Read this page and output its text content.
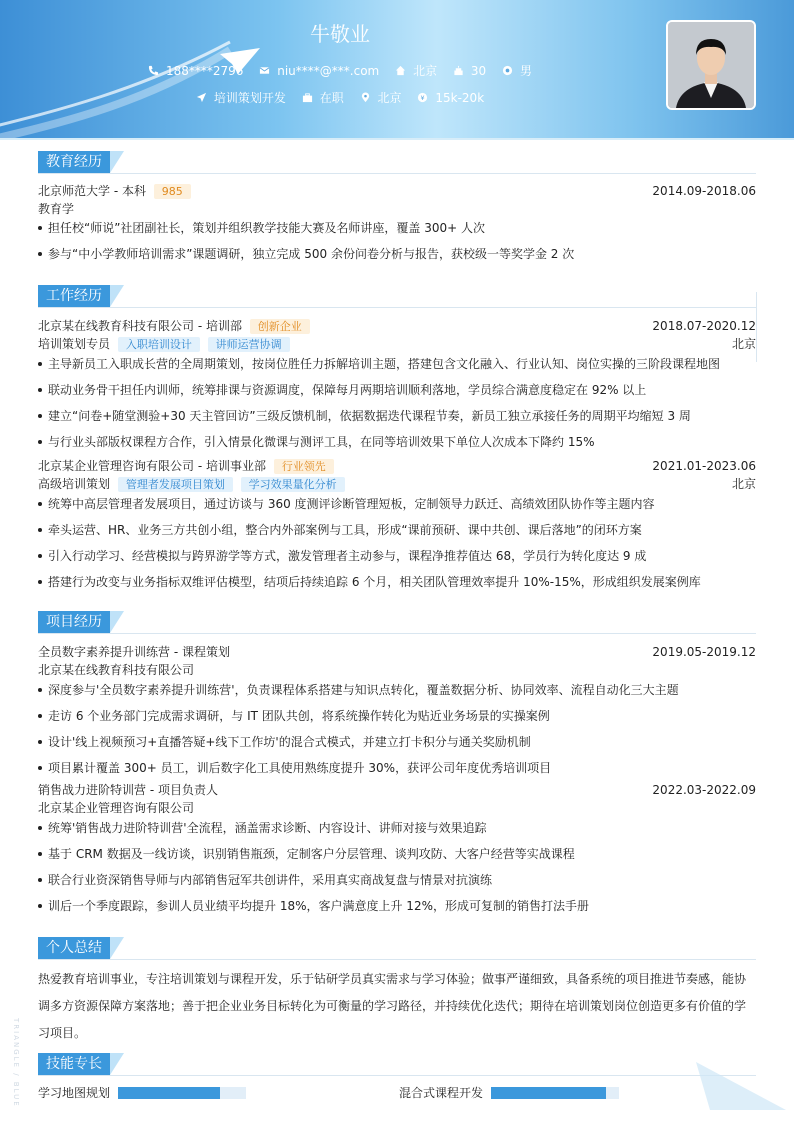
牛敬业
188****2796
	niu****@***.com
	北京
	30
	男
培训策划开发
	在职
	北京
	¥ 15k-20k
教育经历
北京师范大学 - 本科 985	2014.09-2018.06
教育学
担任校“师说”社团副社长，策划并组织教学技能大赛及名师讲座，覆盖 300+ 人次
参与“中小学教师培训需求”课题调研，独立完成 500 余份问卷分析与报告，获校级一等奖学金 2 次
工作经历
北京某在线教育科技有限公司 - 培训部 创新企业	2018.07-2020.12
培训策划专员 入职培训设计 讲师运营协调	北京
主导新员工入职成长营的全周期策划，按岗位胜任力拆解培训主题，搭建包含文化融入、行业认知、岗位实操的三阶段课程地图
联动业务骨干担任内训师，统筹排课与资源调度，保障每月两期培训顺利落地，学员综合满意度稳定在 92% 以上
建立“问卷+随堂测验+30 天主管回访”三级反馈机制，依据数据迭代课程节奏，新员工独立承接任务的周期平均缩短 3 周
与行业头部版权课程方合作，引入情景化微课与测评工具，在同等培训效果下单位人次成本下降约 15%
北京某企业管理咨询有限公司 - 培训事业部 行业领先	2021.01-2023.06
高级培训策划 管理者发展项目策划 学习效果量化分析	北京
统筹中高层管理者发展项目，通过访谈与 360 度测评诊断管理短板，定制领导力跃迁、高绩效团队协作等主题内容
牵头运营、HR、业务三方共创小组，整合内外部案例与工具，形成“课前预研、课中共创、课后落地”的闭环方案
引入行动学习、经营模拟与跨界游学等方式，激发管理者主动参与，课程净推荐值达 68，学员行为转化度达 9 成
搭建行为改变与业务指标双维评估模型，结项后持续追踪 6 个月，相关团队管理效率提升 10%-15%，形成组织发展案例库
项目经历
全员数字素养提升训练营 - 课程策划	2019.05-2019.12
北京某在线教育科技有限公司
深度参与'全员数字素养提升训练营'，负责课程体系搭建与知识点转化，覆盖数据分析、协同效率、流程自动化三大主题
走访 6 个业务部门完成需求调研，与 IT 团队共创，将系统操作转化为贴近业务场景的实操案例
设计'线上视频预习+直播答疑+线下工作坊'的混合式模式，并建立打卡积分与通关奖励机制
项目累计覆盖 300+ 员工，训后数字化工具使用熟练度提升 30%，获评公司年度优秀培训项目
销售战力进阶特训营 - 项目负责人	2022.03-2022.09
北京某企业管理咨询有限公司
统筹'销售战力进阶特训营'全流程，涵盖需求诊断、内容设计、讲师对接与效果追踪
基于 CRM 数据及一线访谈，识别销售瓶颈，定制客户分层管理、谈判攻防、大客户经营等实战课程
联合行业资深销售导师与内部销售冠军共创讲件，采用真实商战复盘与情景对抗演练
训后一个季度跟踪，参训人员业绩平均提升 18%，客户满意度上升 12%，形成可复制的销售打法手册
个人总结
热爱教育培训事业，专注培训策划与课程开发，乐于钻研学员真实需求与学习体验；做事严谨细致，具备系统的项目推进节奏感，能协调多方资源保障方案落地；善于把企业业务目标转化为可衡量的学习路径，并持续优化迭代；期待在培训策划岗位创造更多有价值的学习项目。
技能专长
学习地图规划	混合式课程开发
TRIANGLE / BLUE
